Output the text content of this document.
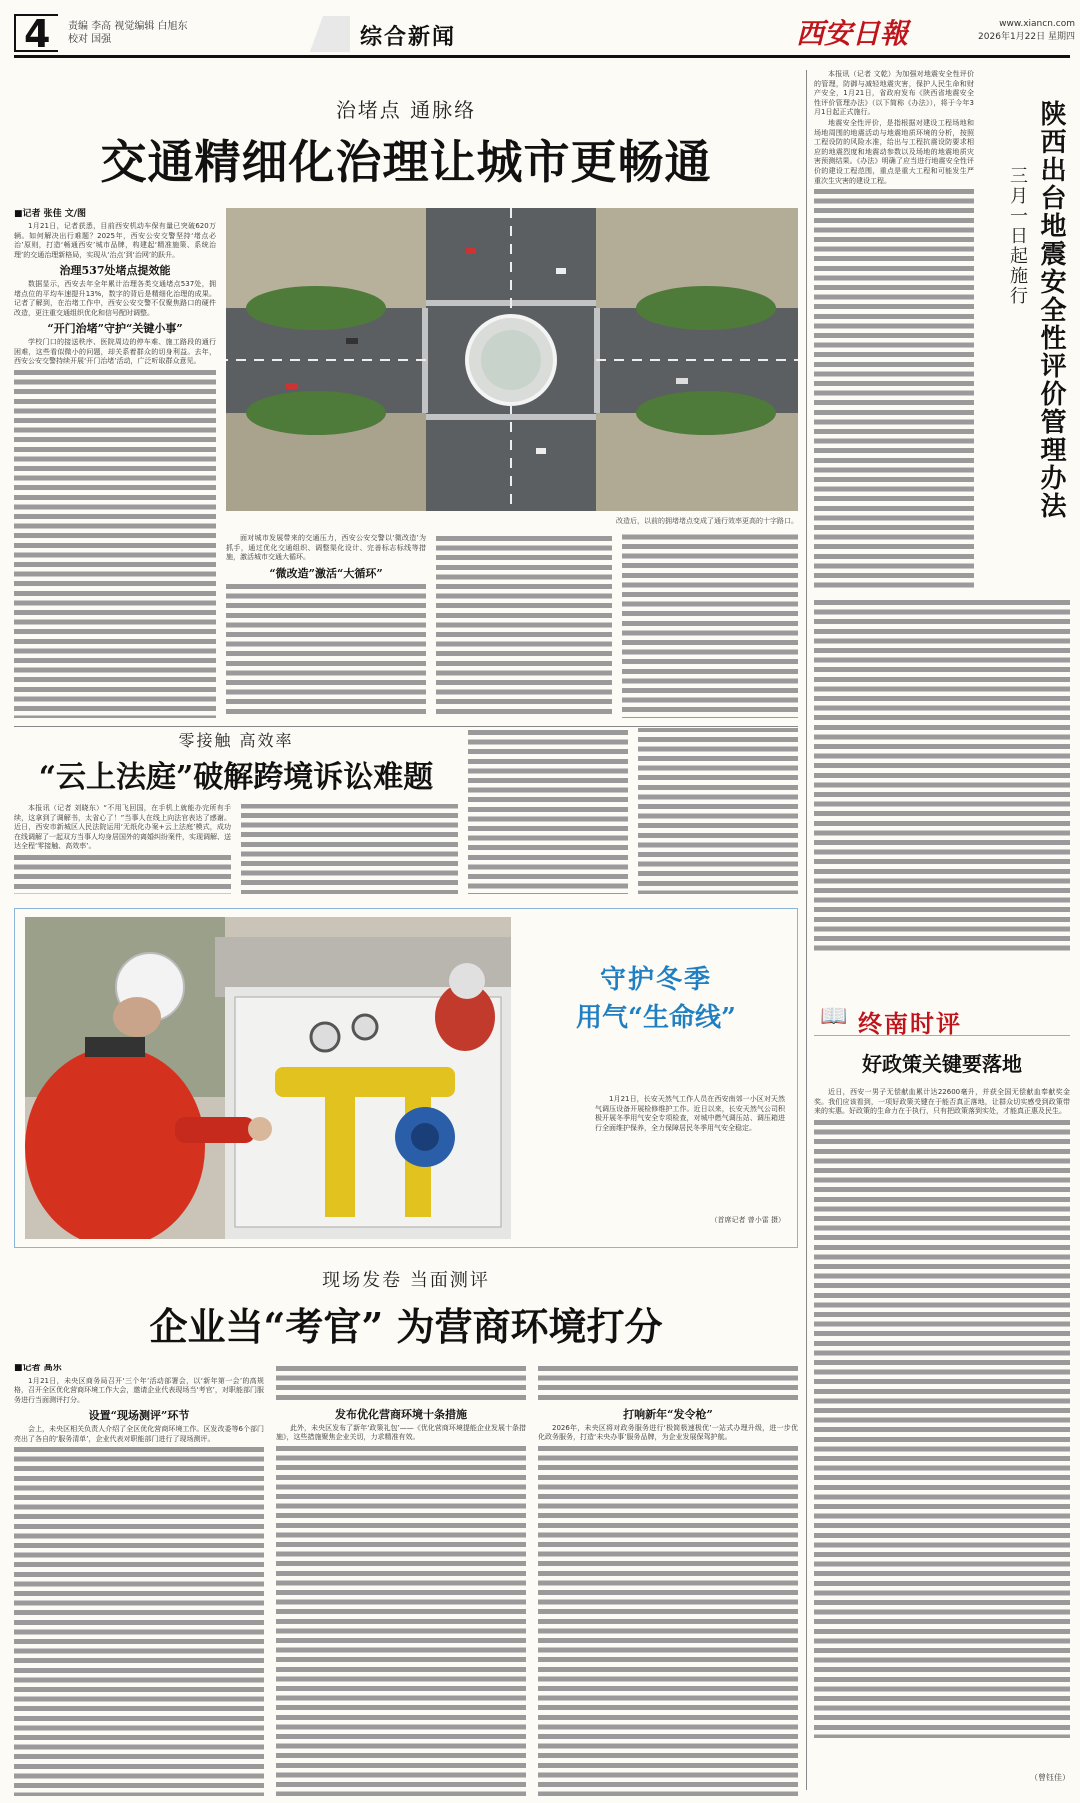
4 责编 李高 视觉编辑 白旭东
校对 国强	综合新闻	西安日報	www.xiancn.com
2026年1月22日 星期四
治堵点 通脉络
交通精细化治理让城市更畅通
■记者 张佳 文/图

1月21日，记者获悉，目前西安机动车保有量已突破620万辆。如何解决出行难题？2025年，西安公安交警坚持‘堵点必治’原则，打造‘畅通西安’城市品牌，构建起‘精准施策、系统治理’的交通治理新格局，实现从‘治点’到‘治网’的跃升。

治理537处堵点提效能

数据显示，西安去年全年累计治理各类交通堵点537处，拥堵点位的平均车速提升13%，数字的背后是精细化治理的成果。记者了解到，在治堵工作中，西安公安交警不仅聚焦路口的硬件改造，更注重交通组织优化和信号配时调整。

“开门治堵”守护“关键小事”

学校门口的接送秩序、医院周边的停车难、施工路段的通行困难，这些看似微小的问题，却关系着群众的切身利益。去年，西安公安交警持续开展‘开门治堵’活动，广泛听取群众意见。

改造后，以前的拥堵堵点变成了通行效率更高的十字路口。

面对城市发展带来的交通压力，西安公安交警以‘微改造’为抓手，通过优化交通组织、调整渠化设计、完善标志标线等措施，激活城市交通大循环。

“微改造”激活“大循环”
零接触 高效率
“云上法庭”破解跨境诉讼难题

本报讯（记者 刘晓东）“不用飞回国，在手机上就能办完所有手续，这拿到了调解书，太省心了！”当事人在线上向法官表达了感谢。近日，西安市新城区人民法院运用‘无纸化办案+云上法庭’模式，成功在线调解了一起双方当事人均身居国外的离婚纠纷案件，实现调解、送达全程‘零接触、高效率’。

守护冬季
用气“生命线”

1月21日，长安天然气工作人员在西安南郊一小区对天然气调压设备开展检修维护工作。近日以来，长安天然气公司积极开展冬季用气安全专项检查，对城中燃气调压站、调压箱进行全面维护保养，全力保障居民冬季用气安全稳定。

（首席记者 曾小雷 摄）
现场发卷 当面测评
企业当“考官” 为营商环境打分
■记者 高乐

1月21日，未央区商务局召开‘三个年’活动部署会，以‘新年第一会’的高规格，召开全区优化营商环境工作大会，邀请企业代表现场当‘考官’，对职能部门服务进行当面测评打分。

设置“现场测评”环节

会上，未央区相关负责人介绍了全区优化营商环境工作。区发改委等6个部门亮出了各自的‘服务清单’，企业代表对职能部门进行了现场测评。

发布优化营商环境十条措施

此外，未央区发布了新年‘政策礼包’——《优化营商环境提能企业发展十条措施》，这些措施聚焦企业关切，力求精准有效。

打响新年“发令枪”

2026年，未央区将对政务服务进行‘极简极速极优’一站式办理升级，进一步优化政务服务，打造‘未央办事’服务品牌，为企业发展保驾护航。

本报讯（记者 文乾）为加强对地震安全性评价的管理，防御与减轻地震灾害，保护人民生命和财产安全，1月21日，省政府发布《陕西省地震安全性评价管理办法》（以下简称《办法》），将于今年3月1日起正式施行。

地震安全性评价，是指根据对建设工程场地和场地周围的地震活动与地震地质环境的分析，按照工程设防的风险水准，给出与工程抗震设防要求相应的地震烈度和地震动参数以及场地的地震地质灾害预测结果。《办法》明确了应当进行地震安全性评价的建设工程范围，重点是重大工程和可能发生严重次生灾害的建设工程。	陕西出台地震安全性评价管理办法
三月一日起施行
📖 终南时评
好政策关键要落地

近日，西安一男子无偿献血累计达22600毫升，并获全国无偿献血奉献奖金奖。我们应该看到，一项好政策关键在于能否真正落地，让群众切实感受到政策带来的实惠。好政策的生命力在于执行，只有把政策落到实处，才能真正惠及民生。

（曾钰佳）
